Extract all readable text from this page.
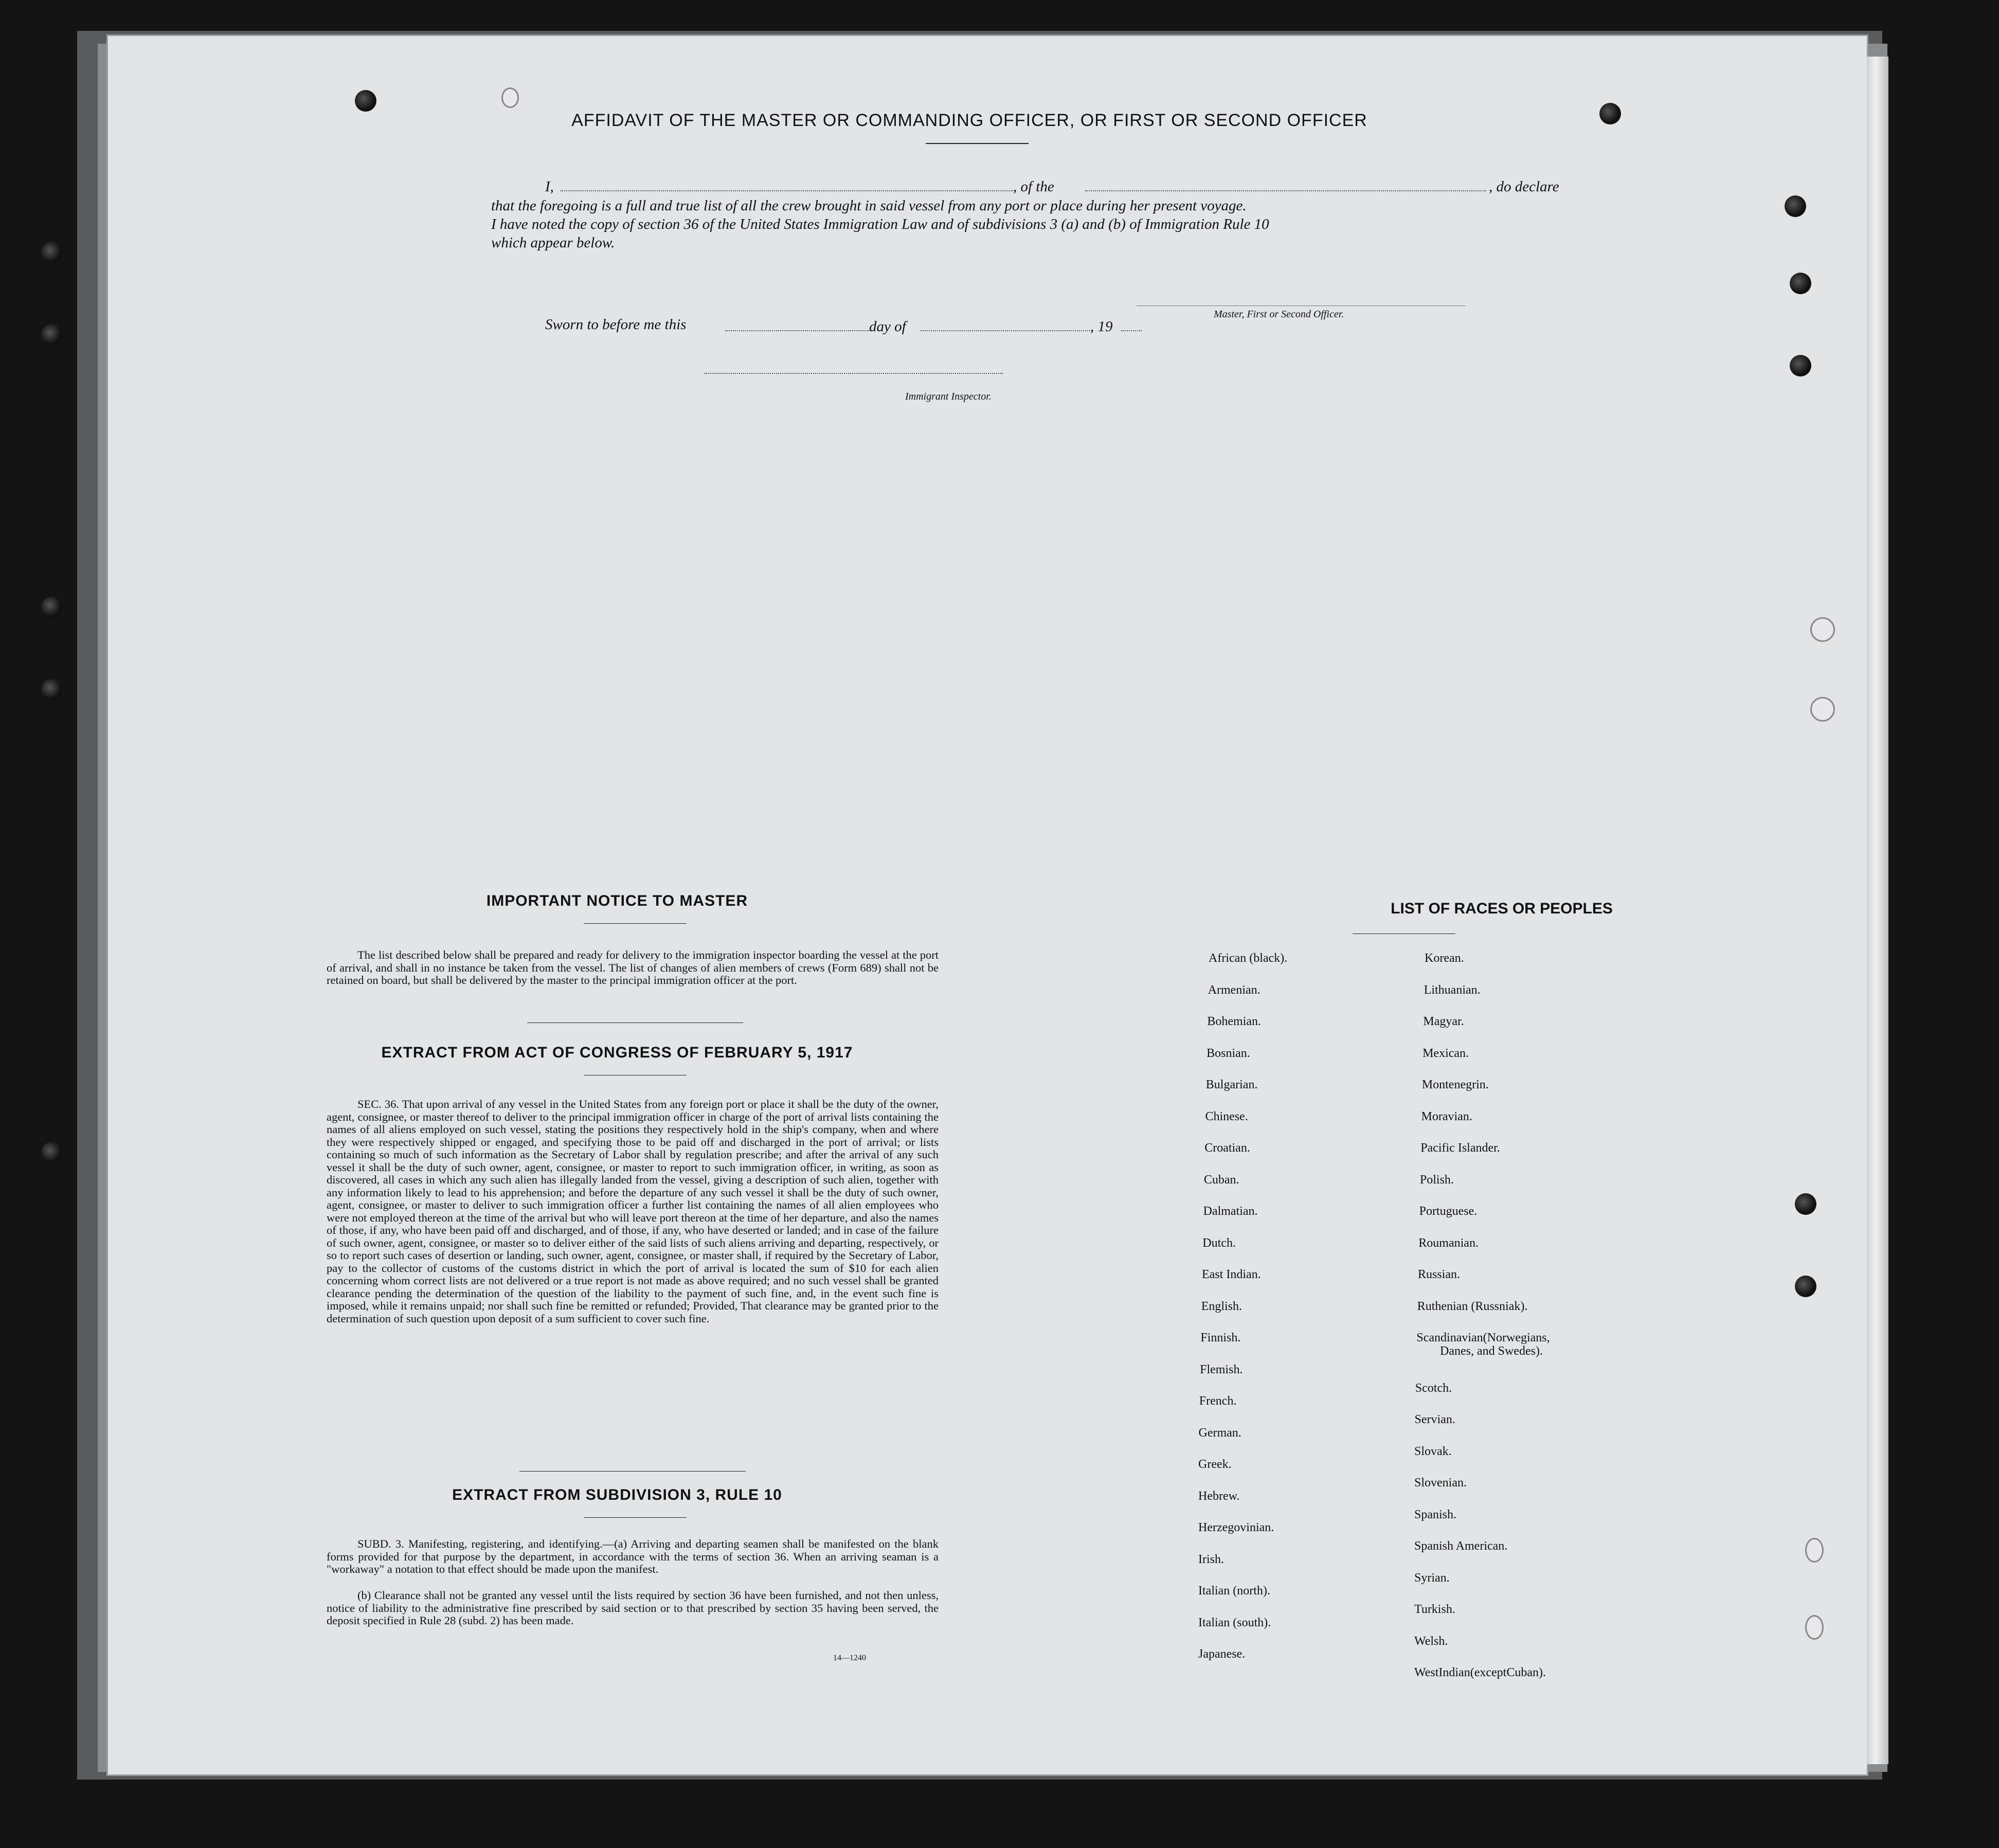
AFFIDAVIT OF THE MASTER OR COMMANDING OFFICER, OR FIRST OR SECOND OFFICER
I,	, of the	, do declare
that the foregoing is a full and true list of all the crew brought in said vessel from any port or place during her present voyage.
I have noted the copy of section 36 of the United States Immigration Law and of subdivisions 3 (a) and (b) of Immigration Rule 10
which appear below.
Master, First or Second Officer.
Sworn to before me this	day of	, 19
Immigrant Inspector.
IMPORTANT NOTICE TO MASTER
The list described below shall be prepared and ready for delivery to the immigration inspector boarding the vessel at the port of arrival, and shall in no instance be taken from the vessel. The list of changes of alien members of crews (Form 689) shall not be retained on board, but shall be delivered by the master to the principal immigration officer at the port.
EXTRACT FROM ACT OF CONGRESS OF FEBRUARY 5, 1917
SEC. 36. That upon arrival of any vessel in the United States from any foreign port or place it shall be the duty of the owner, agent, consignee, or master thereof to deliver to the principal immigration officer in charge of the port of arrival lists containing the names of all aliens employed on such vessel, stating the positions they respectively hold in the ship's company, when and where they were respectively shipped or engaged, and specifying those to be paid off and discharged in the port of arrival; or lists containing so much of such information as the Secretary of Labor shall by regulation prescribe; and after the arrival of any such vessel it shall be the duty of such owner, agent, consignee, or master to report to such immigration officer, in writing, as soon as discovered, all cases in which any such alien has illegally landed from the vessel, giving a description of such alien, together with any information likely to lead to his apprehension; and before the departure of any such vessel it shall be the duty of such owner, agent, consignee, or master to deliver to such immigration officer a further list containing the names of all alien employees who were not employed thereon at the time of the arrival but who will leave port thereon at the time of her departure, and also the names of those, if any, who have been paid off and discharged, and of those, if any, who have deserted or landed; and in case of the failure of such owner, agent, consignee, or master so to deliver either of the said lists of such aliens arriving and departing, respectively, or so to report such cases of desertion or landing, such owner, agent, consignee, or master shall, if required by the Secretary of Labor, pay to the collector of customs of the customs district in which the port of arrival is located the sum of $10 for each alien concerning whom correct lists are not delivered or a true report is not made as above required; and no such vessel shall be granted clearance pending the determination of the question of the liability to the payment of such fine, and, in the event such fine is imposed, while it remains unpaid; nor shall such fine be remitted or refunded; Provided, That clearance may be granted prior to the determination of such question upon deposit of a sum sufficient to cover such fine.
EXTRACT FROM SUBDIVISION 3, RULE 10
SUBD. 3. Manifesting, registering, and identifying.—(a) Arriving and departing seamen shall be manifested on the blank forms provided for that purpose by the department, in accordance with the terms of section 36. When an arriving seaman is a "workaway" a notation to that effect should be made upon the manifest.
(b) Clearance shall not be granted any vessel until the lists required by section 36 have been furnished, and not then unless, notice of liability to the administrative fine prescribed by said section or to that prescribed by section 35 having been served, the deposit specified in Rule 28 (subd. 2) has been made.
14—1240
LIST OF RACES OR PEOPLES
African (black).
Armenian.
Bohemian.
Bosnian.
Bulgarian.
Chinese.
Croatian.
Cuban.
Dalmatian.
Dutch.
East Indian.
English.
Finnish.
Flemish.
French.
German.
Greek.
Hebrew.
Herzegovinian.
Irish.
Italian (north).
Italian (south).
Japanese.
Korean.
Lithuanian.
Magyar.
Mexican.
Montenegrin.
Moravian.
Pacific Islander.
Polish.
Portuguese.
Roumanian.
Russian.
Ruthenian (Russniak).
Scandinavian(Norwegians,
Danes, and Swedes).
Scotch.
Servian.
Slovak.
Slovenian.
Spanish.
Spanish American.
Syrian.
Turkish.
Welsh.
WestIndian(exceptCuban).
